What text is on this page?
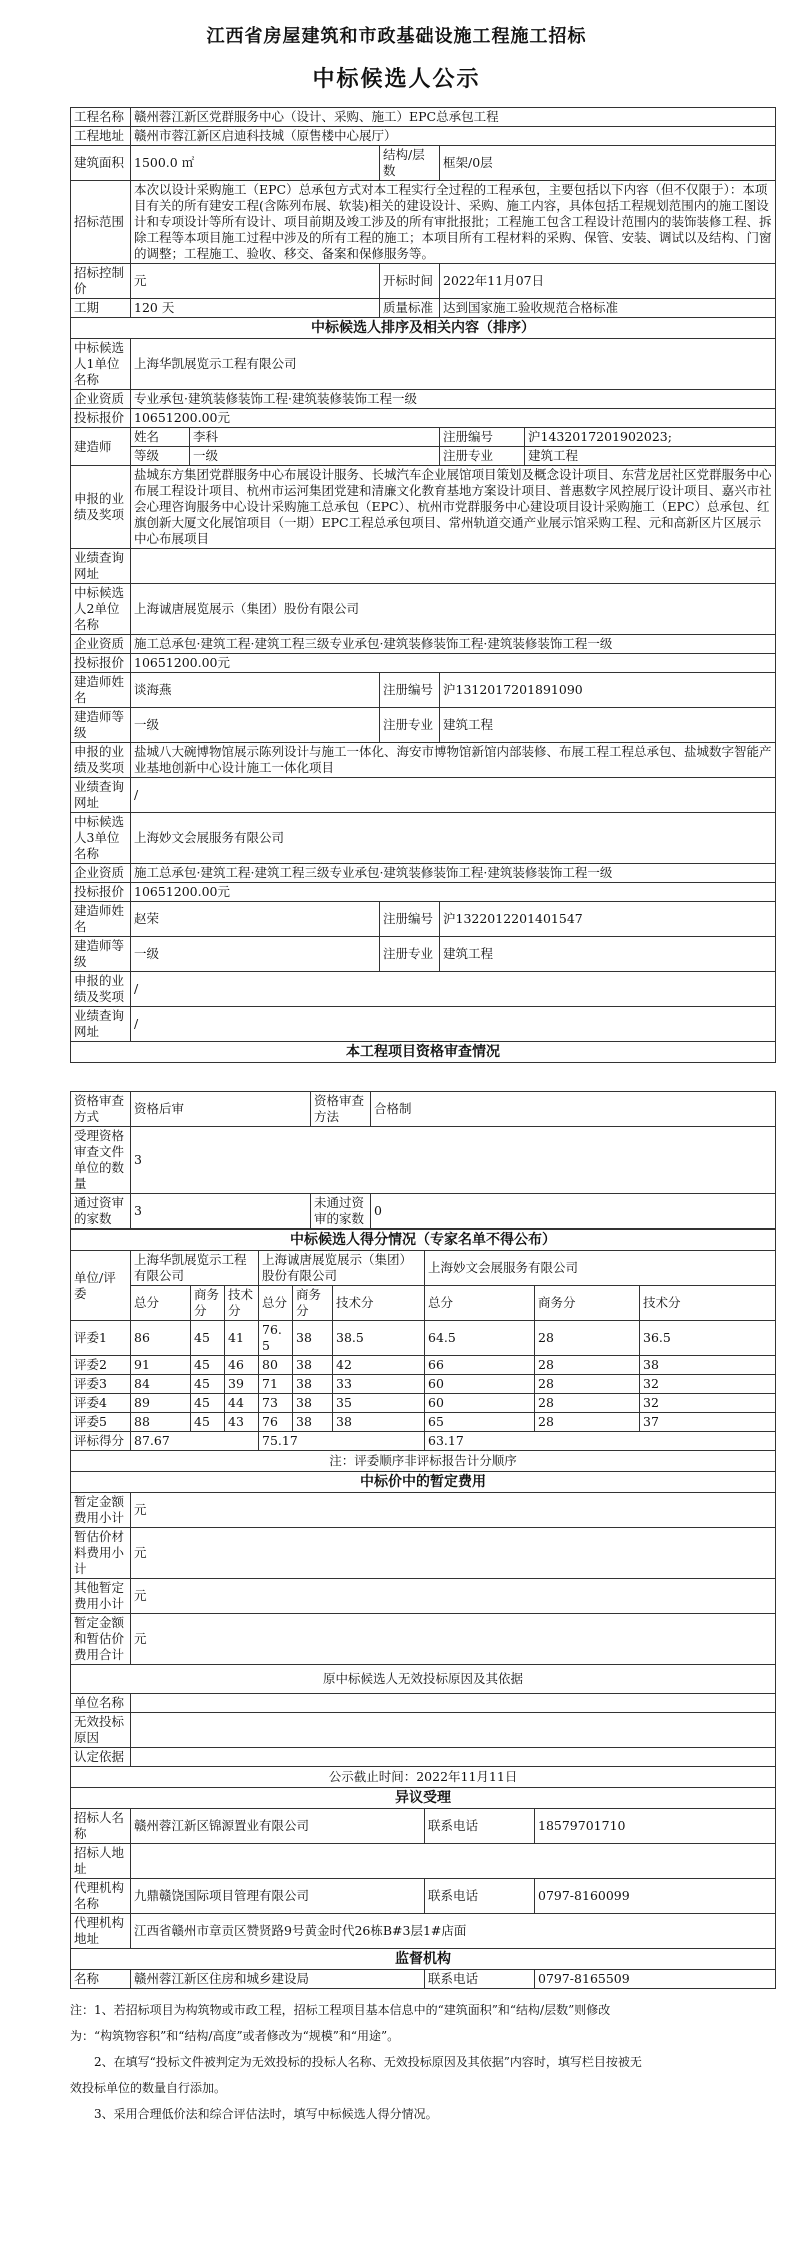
江西省房屋建筑和市政基础设施工程施工招标
中标候选人公示
工程名称	赣州蓉江新区党群服务中心（设计、采购、施工）EPC总承包工程				
工程地址	赣州市蓉江新区启迪科技城（原售楼中心展厅）				
建筑面积	1500.0 ㎡		结构/层数	框架/0层	
招标范围	本次以设计采购施工（EPC）总承包方式对本工程实行全过程的工程承包，主要包括以下内容（但不仅限于）：本项目有关的所有建安工程(含陈列布展、软装)相关的建设设计、采购、施工内容，具体包括工程规划范围内的施工图设计和专项设计等所有设计、项目前期及竣工涉及的所有审批报批；工程施工包含工程设计范围内的装饰装修工程、拆除工程等本项目施工过程中涉及的所有工程的施工；本项目所有工程材料的采购、保管、安装、调试以及结构、门窗的调整；工程施工、验收、移交、备案和保修服务等。				
招标控制价	元		开标时间	2022年11月07日	
工期	120 天		质量标准	达到国家施工验收规范合格标准	
中标候选人排序及相关内容（排序）					
中标候选人1单位名称	上海华凯展览示工程有限公司				
企业资质	专业承包·建筑装修装饰工程·建筑装修装饰工程一级				
投标报价	10651200.00元				
建造师	姓名	李科		注册编号	沪1432017201902023;
	等级	一级		注册专业	建筑工程
申报的业绩及奖项	盐城东方集团党群服务中心布展设计服务、长城汽车企业展馆项目策划及概念设计项目、东营龙居社区党群服务中心布展工程设计项目、杭州市运河集团党建和清廉文化教育基地方案设计项目、普惠数字风控展厅设计项目、嘉兴市社会心理咨询服务中心设计采购施工总承包（EPC）、杭州市党群服务中心建设项目设计采购施工（EPC）总承包、红旗创新大厦文化展馆项目（一期）EPC工程总承包项目、常州轨道交通产业展示馆采购工程、元和高新区片区展示中心布展项目				
业绩查询网址					
中标候选人2单位名称	上海诚唐展览展示（集团）股份有限公司				
企业资质	施工总承包·建筑工程·建筑工程三级专业承包·建筑装修装饰工程·建筑装修装饰工程一级				
投标报价	10651200.00元				
建造师姓名	谈海燕		注册编号	沪1312017201891090	
建造师等级	一级		注册专业	建筑工程	
申报的业绩及奖项	盐城八大碗博物馆展示陈列设计与施工一体化、海安市博物馆新馆内部装修、布展工程工程总承包、盐城数字智能产业基地创新中心设计施工一体化项目				
业绩查询网址	/				
中标候选人3单位名称	上海妙文会展服务有限公司				
企业资质	施工总承包·建筑工程·建筑工程三级专业承包·建筑装修装饰工程·建筑装修装饰工程一级				
投标报价	10651200.00元				
建造师姓名	赵荣		注册编号	沪1322012201401547	
建造师等级	一级		注册专业	建筑工程	
申报的业绩及奖项	/				
业绩查询网址	/				
本工程项目资格审查情况					
资格审查方式	资格后审	资格审查方法	合格制
受理资格审查文件单位的数量	3		
通过资审的家数	3	未通过资审的家数	0
中标候选人得分情况（专家名单不得公布）									
单位/评委	上海华凯展览示工程有限公司			上海诚唐展览展示（集团）股份有限公司			上海妙文会展服务有限公司		
	总分	商务分	技术分	总分	商务分	技术分	总分	商务分	技术分
评委1	86	45	41	76.5	38	38.5	64.5	28	36.5
评委2	91	45	46	80	38	42	66	28	38
评委3	84	45	39	71	38	33	60	28	32
评委4	89	45	44	73	38	35	60	28	32
评委5	88	45	43	76	38	38	65	28	37
评标得分	87.67			75.17			63.17		
注：评委顺序非评标报告计分顺序									
中标价中的暂定费用									
暂定金额费用小计	元								
暂估价材料费用小计	元								
其他暂定费用小计	元								
暂定金额和暂估价费用合计	元								
原中标候选人无效投标原因及其依据									
单位名称									
无效投标原因									
认定依据									
公示截止时间：2022年11月11日									
异议受理									
招标人名称	赣州蓉江新区锦源置业有限公司						联系电话	18579701710	
招标人地址									
代理机构名称	九鼎赣饶国际项目管理有限公司						联系电话	0797-8160099	
代理机构地址	江西省赣州市章贡区赞贤路9号黄金时代26栋B#3层1#店面								
监督机构									
名称	赣州蓉江新区住房和城乡建设局						联系电话	0797-8165509	

注：1、若招标项目为构筑物或市政工程，招标工程项目基本信息中的“建筑面积”和“结构/层数”则修改

为：“构筑物容积”和“结构/高度”或者修改为“规模”和“用途”。

2、在填写“投标文件被判定为无效投标的投标人名称、无效投标原因及其依据”内容时，填写栏目按被无

效投标单位的数量自行添加。

3、采用合理低价法和综合评估法时，填写中标候选人得分情况。
